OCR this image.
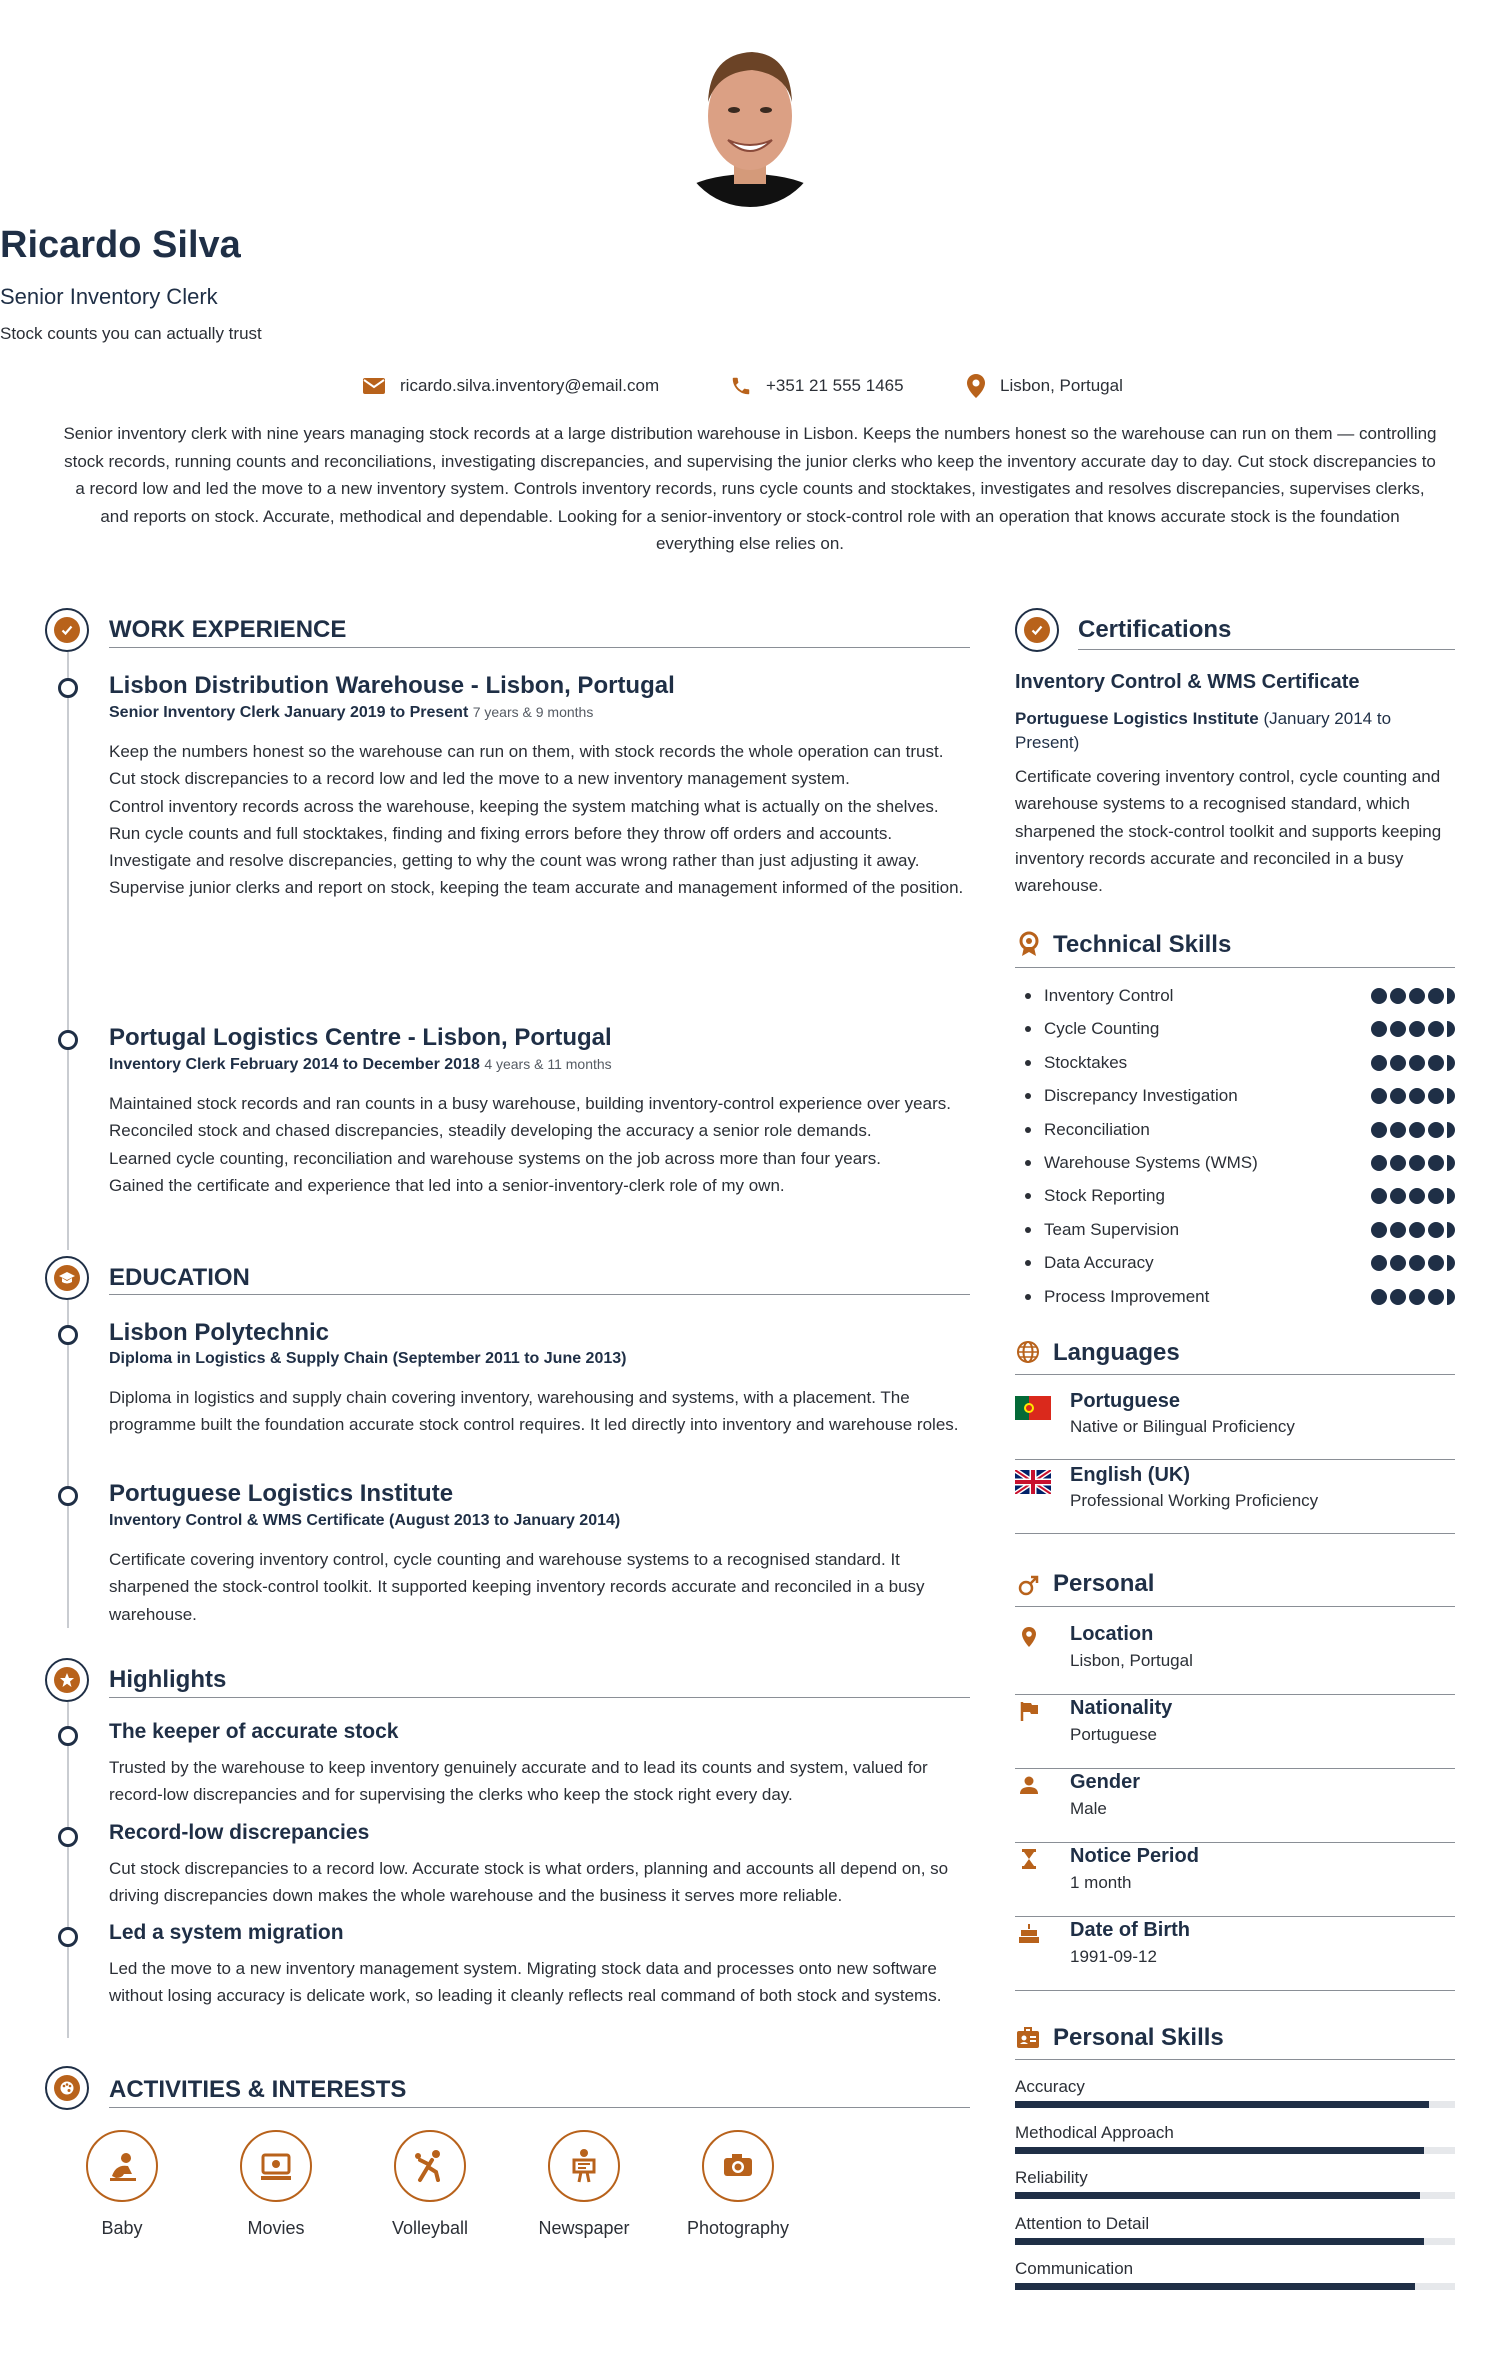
Ricardo Silva
Senior Inventory Clerk
Stock counts you can actually trust
ricardo.silva.inventory@email.com	+351 21 555 1465	Lisbon, Portugal
Senior inventory clerk with nine years managing stock records at a large distribution warehouse in Lisbon. Keeps the numbers honest so the warehouse can run on them — controlling stock records, running counts and reconciliations, investigating discrepancies, and supervising the junior clerks who keep the inventory accurate day to day. Cut stock discrepancies to a record low and led the move to a new inventory system. Controls inventory records, runs cycle counts and stocktakes, investigates and resolves discrepancies, supervises clerks, and reports on stock. Accurate, methodical and dependable. Looking for a senior-inventory or stock-control role with an operation that knows accurate stock is the foundation everything else relies on.
WORK EXPERIENCE
Lisbon Distribution Warehouse - Lisbon, Portugal
Senior Inventory Clerk January 2019 to Present 7 years & 9 months
Keep the numbers honest so the warehouse can run on them, with stock records the whole operation can trust.
Cut stock discrepancies to a record low and led the move to a new inventory management system.
Control inventory records across the warehouse, keeping the system matching what is actually on the shelves.
Run cycle counts and full stocktakes, finding and fixing errors before they throw off orders and accounts.
Investigate and resolve discrepancies, getting to why the count was wrong rather than just adjusting it away.
Supervise junior clerks and report on stock, keeping the team accurate and management informed of the position.
Portugal Logistics Centre - Lisbon, Portugal
Inventory Clerk February 2014 to December 2018 4 years & 11 months
Maintained stock records and ran counts in a busy warehouse, building inventory-control experience over years.
Reconciled stock and chased discrepancies, steadily developing the accuracy a senior role demands.
Learned cycle counting, reconciliation and warehouse systems on the job across more than four years.
Gained the certificate and experience that led into a senior-inventory-clerk role of my own.
EDUCATION
Lisbon Polytechnic
Diploma in Logistics & Supply Chain (September 2011 to June 2013)
Diploma in logistics and supply chain covering inventory, warehousing and systems, with a placement. The programme built the foundation accurate stock control requires. It led directly into inventory and warehouse roles.
Portuguese Logistics Institute
Inventory Control & WMS Certificate (August 2013 to January 2014)
Certificate covering inventory control, cycle counting and warehouse systems to a recognised standard. It sharpened the stock-control toolkit. It supported keeping inventory records accurate and reconciled in a busy warehouse.
Highlights
The keeper of accurate stock
Trusted by the warehouse to keep inventory genuinely accurate and to lead its counts and system, valued for record-low discrepancies and for supervising the clerks who keep the stock right every day.
Record-low discrepancies
Cut stock discrepancies to a record low. Accurate stock is what orders, planning and accounts all depend on, so driving discrepancies down makes the whole warehouse and the business it serves more reliable.
Led a system migration
Led the move to a new inventory management system. Migrating stock data and processes onto new software without losing accuracy is delicate work, so leading it cleanly reflects real command of both stock and systems.
ACTIVITIES & INTERESTS
Baby	Movies	Volleyball	Newspaper	Photography
Certifications
Inventory Control & WMS Certificate
Portuguese Logistics Institute (January 2014 to Present)
Certificate covering inventory control, cycle counting and warehouse systems to a recognised standard, which sharpened the stock-control toolkit and supports keeping inventory records accurate and reconciled in a busy warehouse.
Technical Skills
Inventory Control
Cycle Counting
Stocktakes
Discrepancy Investigation
Reconciliation
Warehouse Systems (WMS)
Stock Reporting
Team Supervision
Data Accuracy
Process Improvement
Languages
Portuguese
Native or Bilingual Proficiency
English (UK)
Professional Working Proficiency
Personal
Location
Lisbon, Portugal
Nationality
Portuguese
Gender
Male
Notice Period
1 month
Date of Birth
1991-09-12
Personal Skills
Accuracy
Methodical Approach
Reliability
Attention to Detail
Communication
